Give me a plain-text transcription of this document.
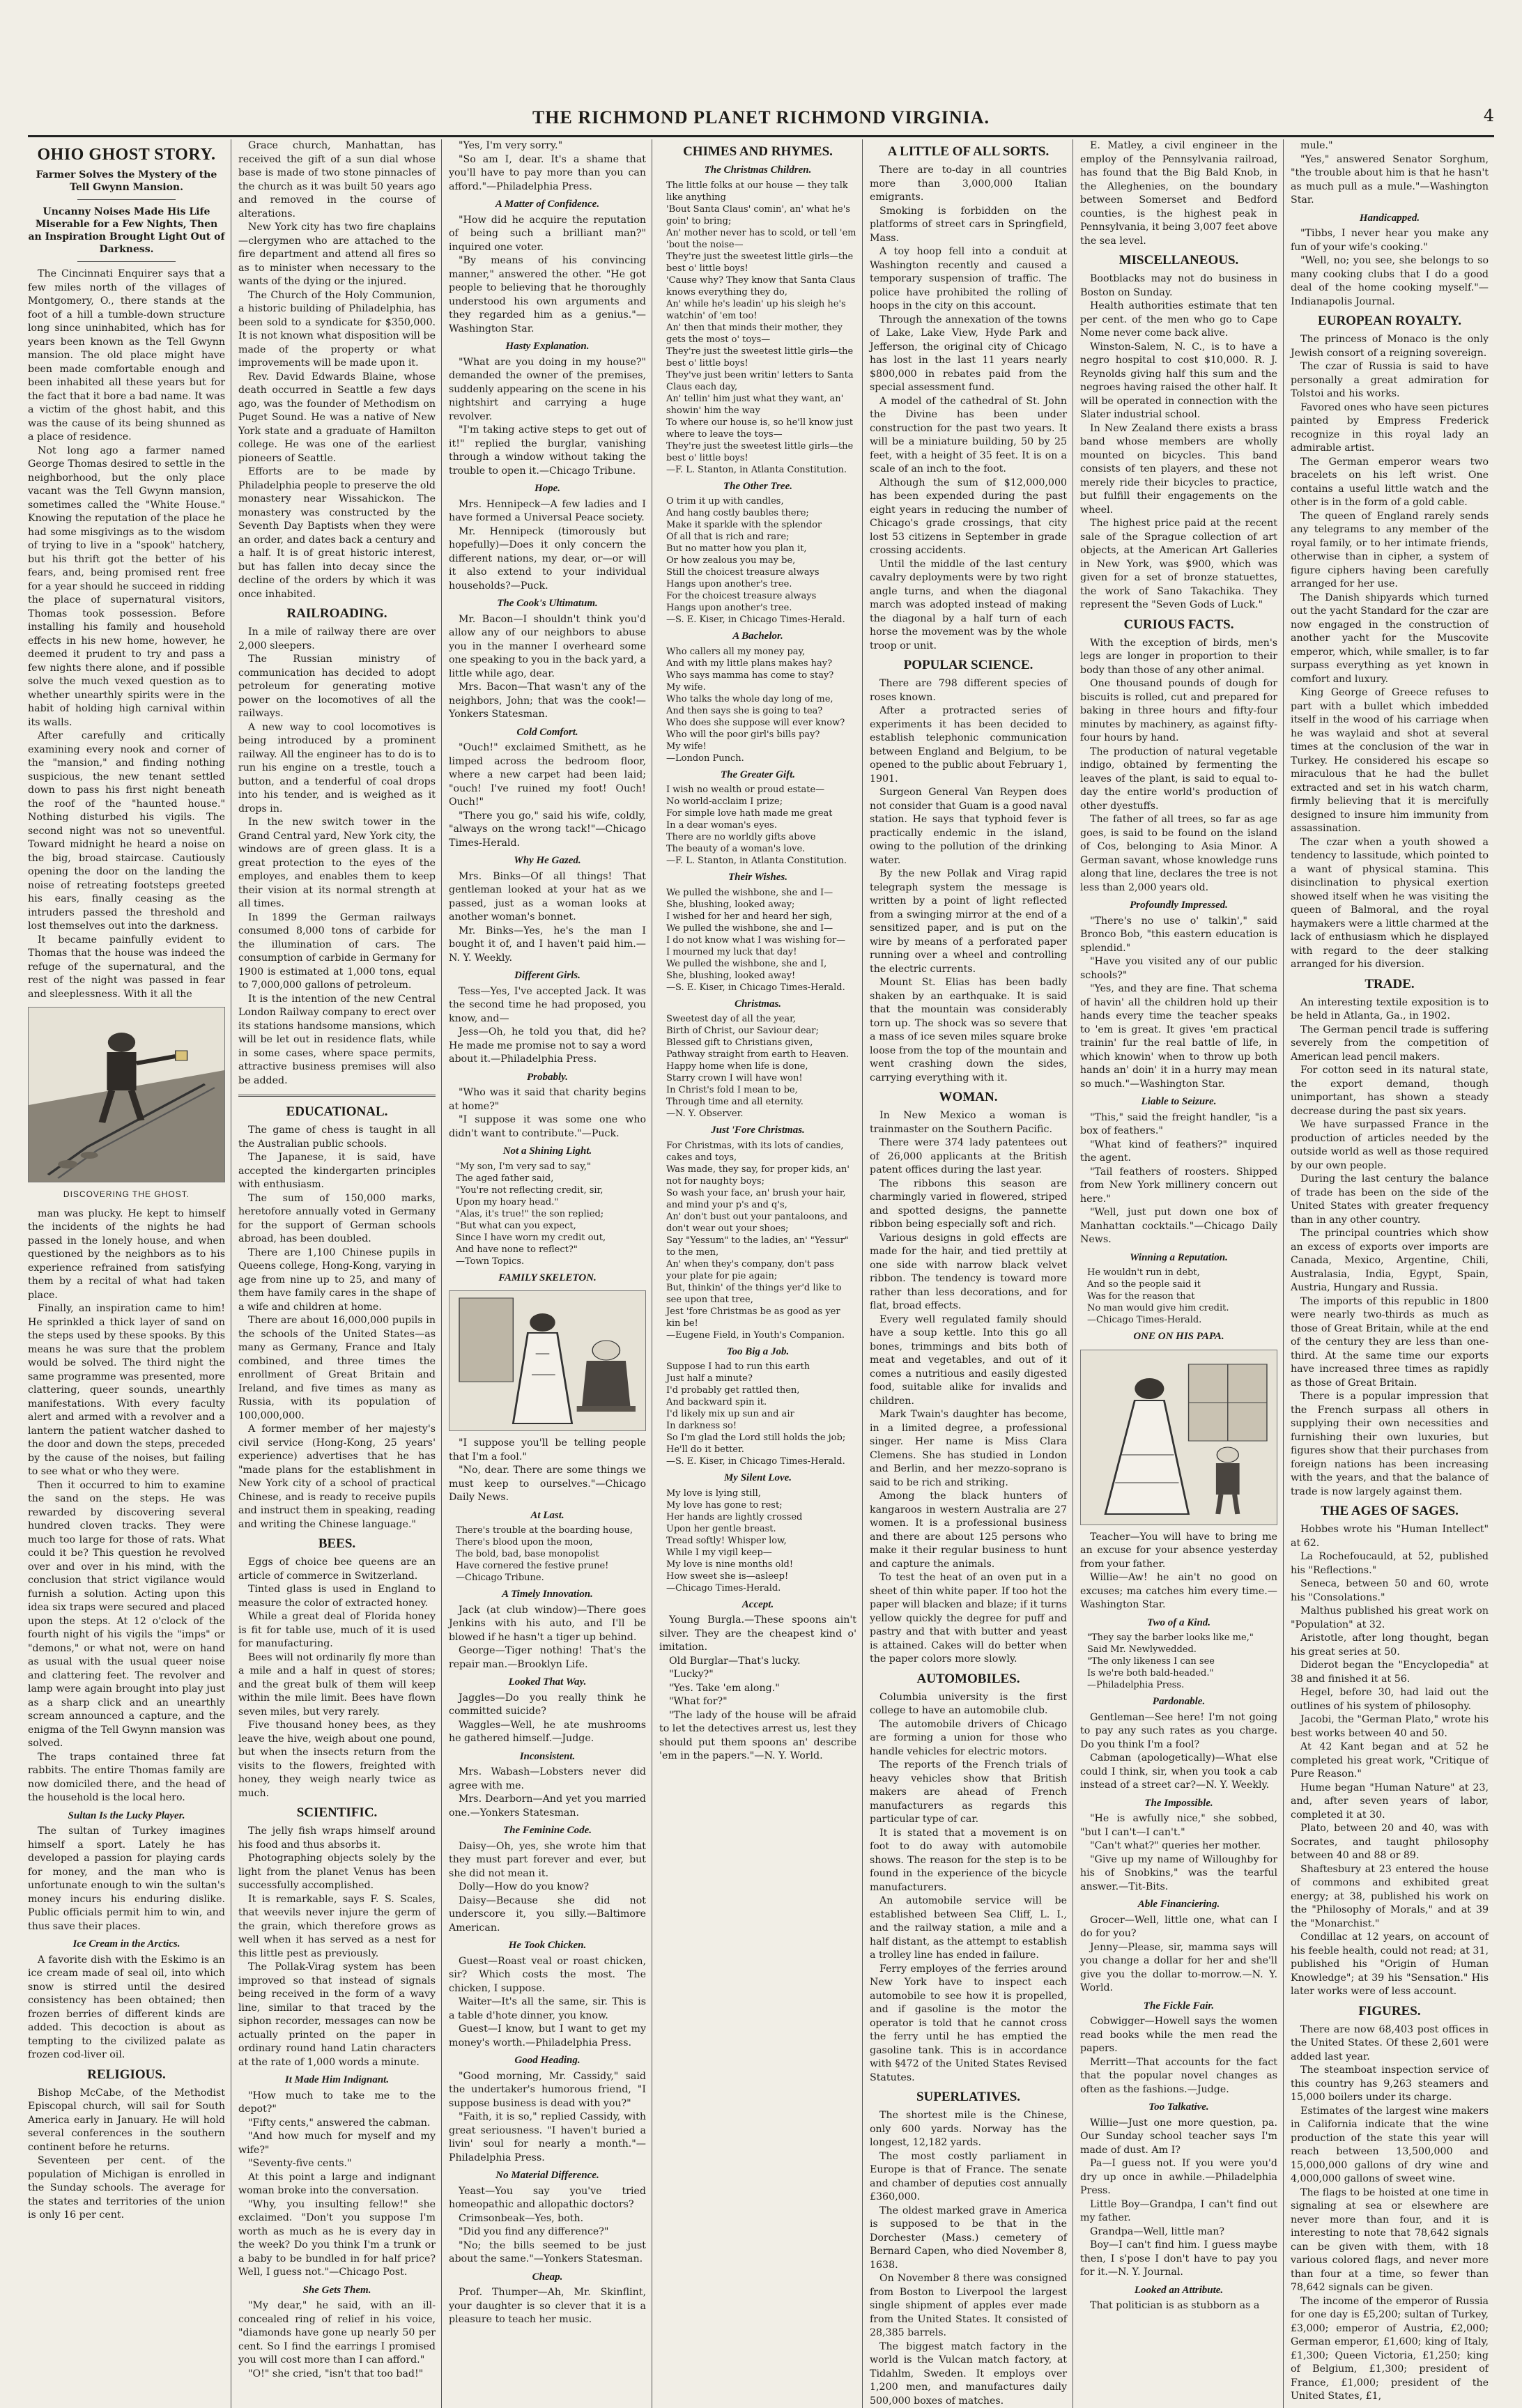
THE RICHMOND PLANET RICHMOND VIRGINIA.	4
OHIO GHOST STORY.
Farmer Solves the Mystery of the Tell Gwynn Mansion.
Uncanny Noises Made His Life Miserable for a Few Nights, Then an Inspiration Brought Light Out of Darkness.

The Cincinnati Enquirer says that a few miles north of the villages of Montgomery, O., there stands at the foot of a hill a tumble-down structure long since uninhabited, which has for years been known as the Tell Gwynn mansion. The old place might have been made comfortable enough and been inhabited all these years but for the fact that it bore a bad name. It was a victim of the ghost habit, and this was the cause of its being shunned as a place of residence.

Not long ago a farmer named George Thomas desired to settle in the neighborhood, but the only place vacant was the Tell Gwynn mansion, sometimes called the "White House." Knowing the reputation of the place he had some misgivings as to the wisdom of trying to live in a "spook" hatchery, but his thrift got the better of his fears, and, being promised rent free for a year should he succeed in ridding the place of supernatural visitors, Thomas took possession. Before installing his family and household effects in his new home, however, he deemed it prudent to try and pass a few nights there alone, and if possible solve the much vexed question as to whether unearthly spirits were in the habit of holding high carnival within its walls.

After carefully and critically examining every nook and corner of the "mansion," and finding nothing suspicious, the new tenant settled down to pass his first night beneath the roof of the "haunted house." Nothing disturbed his vigils. The second night was not so uneventful. Toward midnight he heard a noise on the big, broad staircase. Cautiously opening the door on the landing the noise of retreating footsteps greeted his ears, finally ceasing as the intruders passed the threshold and lost themselves out into the darkness.

It became painfully evident to Thomas that the house was indeed the refuge of the supernatural, and the rest of the night was passed in fear and sleeplessness. With it all the

DISCOVERING THE GHOST.

man was plucky. He kept to himself the incidents of the nights he had passed in the lonely house, and when questioned by the neighbors as to his experience refrained from satisfying them by a recital of what had taken place.

Finally, an inspiration came to him! He sprinkled a thick layer of sand on the steps used by these spooks. By this means he was sure that the problem would be solved. The third night the same programme was presented, more clattering, queer sounds, unearthly manifestations. With every faculty alert and armed with a revolver and a lantern the patient watcher dashed to the door and down the steps, preceded by the cause of the noises, but failing to see what or who they were.

Then it occurred to him to examine the sand on the steps. He was rewarded by discovering several hundred cloven tracks. They were much too large for those of rats. What could it be? This question he revolved over and over in his mind, with the conclusion that strict vigilance would furnish a solution. Acting upon this idea six traps were secured and placed upon the steps. At 12 o'clock of the fourth night of his vigils the "imps" or "demons," or what not, were on hand as usual with the usual queer noise and clattering feet. The revolver and lamp were again brought into play just as a sharp click and an unearthly scream announced a capture, and the enigma of the Tell Gwynn mansion was solved.

The traps contained three fat rabbits. The entire Thomas family are now domiciled there, and the head of the household is the local hero.

Sultan Is the Lucky Player.

The sultan of Turkey imagines himself a sport. Lately he has developed a passion for playing cards for money, and the man who is unfortunate enough to win the sultan's money incurs his enduring dislike. Public officials permit him to win, and thus save their places.

Ice Cream in the Arctics.

A favorite dish with the Eskimo is an ice cream made of seal oil, into which snow is stirred until the desired consistency has been obtained; then frozen berries of different kinds are added. This decoction is about as tempting to the civilized palate as frozen cod-liver oil.

RELIGIOUS.

Bishop McCabe, of the Methodist Episcopal church, will sail for South America early in January. He will hold several conferences in the southern continent before he returns.

Seventeen per cent. of the population of Michigan is enrolled in the Sunday schools. The average for the states and territories of the union is only 16 per cent.

Grace church, Manhattan, has received the gift of a sun dial whose base is made of two stone pinnacles of the church as it was built 50 years ago and removed in the course of alterations.

New York city has two fire chaplains—clergymen who are attached to the fire department and attend all fires so as to minister when necessary to the wants of the dying or the injured.

The Church of the Holy Communion, a historic building of Philadelphia, has been sold to a syndicate for $350,000. It is not known what disposition will be made of the property or what improvements will be made upon it.

Rev. David Edwards Blaine, whose death occurred in Seattle a few days ago, was the founder of Methodism on Puget Sound. He was a native of New York state and a graduate of Hamilton college. He was one of the earliest pioneers of Seattle.

Efforts are to be made by Philadelphia people to preserve the old monastery near Wissahickon. The monastery was constructed by the Seventh Day Baptists when they were an order, and dates back a century and a half. It is of great historic interest, but has fallen into decay since the decline of the orders by which it was once inhabited.

RAILROADING.

In a mile of railway there are over 2,000 sleepers.

The Russian ministry of communication has decided to adopt petroleum for generating motive power on the locomotives of all the railways.

A new way to cool locomotives is being introduced by a prominent railway. All the engineer has to do is to run his engine on a trestle, touch a button, and a tenderful of coal drops into his tender, and is weighed as it drops in.

In the new switch tower in the Grand Central yard, New York city, the windows are of green glass. It is a great protection to the eyes of the employes, and enables them to keep their vision at its normal strength at all times.

In 1899 the German railways consumed 8,000 tons of carbide for the illumination of cars. The consumption of carbide in Germany for 1900 is estimated at 1,000 tons, equal to 7,000,000 gallons of petroleum.

It is the intention of the new Central London Railway company to erect over its stations handsome mansions, which will be let out in residence flats, while in some cases, where space permits, attractive business premises will also be added.

EDUCATIONAL.

The game of chess is taught in all the Australian public schools.

The Japanese, it is said, have accepted the kindergarten principles with enthusiasm.

The sum of 150,000 marks, heretofore annually voted in Germany for the support of German schools abroad, has been doubled.

There are 1,100 Chinese pupils in Queens college, Hong-Kong, varying in age from nine up to 25, and many of them have family cares in the shape of a wife and children at home.

There are about 16,000,000 pupils in the schools of the United States—as many as Germany, France and Italy combined, and three times the enrollment of Great Britain and Ireland, and five times as many as Russia, with its population of 100,000,000.

A former member of her majesty's civil service (Hong-Kong, 25 years' experience) advertises that he has "made plans for the establishment in New York city of a school of practical Chinese, and is ready to receive pupils and instruct them in speaking, reading and writing the Chinese language."

BEES.

Eggs of choice bee queens are an article of commerce in Switzerland.

Tinted glass is used in England to measure the color of extracted honey.

While a great deal of Florida honey is fit for table use, much of it is used for manufacturing.

Bees will not ordinarily fly more than a mile and a half in quest of stores; and the great bulk of them will keep within the mile limit. Bees have flown seven miles, but very rarely.

Five thousand honey bees, as they leave the hive, weigh about one pound, but when the insects return from the visits to the flowers, freighted with honey, they weigh nearly twice as much.

SCIENTIFIC.

The jelly fish wraps himself around his food and thus absorbs it.

Photographing objects solely by the light from the planet Venus has been successfully accomplished.

It is remarkable, says F. S. Scales, that weevils never injure the germ of the grain, which therefore grows as well when it has served as a nest for this little pest as previously.

The Pollak-Virag system has been improved so that instead of signals being received in the form of a wavy line, similar to that traced by the siphon recorder, messages can now be actually printed on the paper in ordinary round hand Latin characters at the rate of 1,000 words a minute.

It Made Him Indignant.

"How much to take me to the depot?"

"Fifty cents," answered the cabman.

"And how much for myself and my wife?"

"Seventy-five cents."

At this point a large and indignant woman broke into the conversation.

"Why, you insulting fellow!" she exclaimed. "Don't you suppose I'm worth as much as he is every day in the week? Do you think I'm a trunk or a baby to be bundled in for half price? Well, I guess not."—Chicago Post.

She Gets Them.

"My dear," he said, with an ill-concealed ring of relief in his voice, "diamonds have gone up nearly 50 per cent. So I find the earrings I promised you will cost more than I can afford."

"O!" she cried, "isn't that too bad!"

"Yes, I'm very sorry."

"So am I, dear. It's a shame that you'll have to pay more than you can afford."—Philadelphia Press.

A Matter of Confidence.

"How did he acquire the reputation of being such a brilliant man?" inquired one voter.

"By means of his convincing manner," answered the other. "He got people to believing that he thoroughly understood his own arguments and they regarded him as a genius."—Washington Star.

Hasty Explanation.

"What are you doing in my house?" demanded the owner of the premises, suddenly appearing on the scene in his nightshirt and carrying a huge revolver.

"I'm taking active steps to get out of it!" replied the burglar, vanishing through a window without taking the trouble to open it.—Chicago Tribune.

Hope.

Mrs. Hennipeck—A few ladies and I have formed a Universal Peace society.

Mr. Hennipeck (timorously but hopefully)—Does it only concern the different nations, my dear, or—or will it also extend to your individual households?—Puck.

The Cook's Ultimatum.

Mr. Bacon—I shouldn't think you'd allow any of our neighbors to abuse you in the manner I overheard some one speaking to you in the back yard, a little while ago, dear.

Mrs. Bacon—That wasn't any of the neighbors, John; that was the cook!—Yonkers Statesman.

Cold Comfort.

"Ouch!" exclaimed Smithett, as he limped across the bedroom floor, where a new carpet had been laid; "ouch! I've ruined my foot! Ouch! Ouch!"

"There you go," said his wife, coldly, "always on the wrong tack!"—Chicago Times-Herald.

Why He Gazed.

Mrs. Binks—Of all things! That gentleman looked at your hat as we passed, just as a woman looks at another woman's bonnet.

Mr. Binks—Yes, he's the man I bought it of, and I haven't paid him.—N. Y. Weekly.

Different Girls.

Tess—Yes, I've accepted Jack. It was the second time he had proposed, you know, and—

Jess—Oh, he told you that, did he? He made me promise not to say a word about it.—Philadelphia Press.

Probably.

"Who was it said that charity begins at home?"

"I suppose it was some one who didn't want to contribute."—Puck.

Not a Shining Light.
"My son, I'm very sad to say,"
The aged father said,
"You're not reflecting credit, sir,
Upon my hoary head."
"Alas, it's true!" the son replied;
"But what can you expect,
Since I have worn my credit out,
And have none to reflect?"
—Town Topics.
FAMILY SKELETON.

"I suppose you'll be telling people that I'm a fool."

"No, dear. There are some things we must keep to ourselves."—Chicago Daily News.

At Last.
There's trouble at the boarding house,
There's blood upon the moon,
The bold, bad, base monopolist
Have cornered the festive prune!
—Chicago Tribune.
A Timely Innovation.

Jack (at club window)—There goes Jenkins with his auto, and I'll be blowed if he hasn't a tiger up behind.

George—Tiger nothing! That's the repair man.—Brooklyn Life.

Looked That Way.

Jaggles—Do you really think he committed suicide?

Waggles—Well, he ate mushrooms he gathered himself.—Judge.

Inconsistent.

Mrs. Wabash—Lobsters never did agree with me.

Mrs. Dearborn—And yet you married one.—Yonkers Statesman.

The Feminine Code.

Daisy—Oh, yes, she wrote him that they must part forever and ever, but she did not mean it.

Dolly—How do you know?

Daisy—Because she did not underscore it, you silly.—Baltimore American.

He Took Chicken.

Guest—Roast veal or roast chicken, sir? Which costs the most. The chicken, I suppose.

Waiter—It's all the same, sir. This is a table d'hote dinner, you know.

Guest—I know, but I want to get my money's worth.—Philadelphia Press.

Good Heading.

"Good morning, Mr. Cassidy," said the undertaker's humorous friend, "I suppose business is dead with you?"

"Faith, it is so," replied Cassidy, with great seriousness. "I haven't buried a livin' soul for nearly a month."—Philadelphia Press.

No Material Difference.

Yeast—You say you've tried homeopathic and allopathic doctors?

Crimsonbeak—Yes, both.

"Did you find any difference?"

"No; the bills seemed to be just about the same."—Yonkers Statesman.

Cheap.

Prof. Thumper—Ah, Mr. Skinflint, your daughter is so clever that it is a pleasure to teach her music.

CHIMES AND RHYMES.
The Christmas Children.
The little folks at our house — they talk like anything
'Bout Santa Claus' comin', an' what he's goin' to bring;
An' mother never has to scold, or tell 'em 'bout the noise—
They're just the sweetest little girls—the best o' little boys!
'Cause why? They know that Santa Claus knows everything they do,
An' while he's leadin' up his sleigh he's watchin' of 'em too!
An' then that minds their mother, they gets the most o' toys—
They're just the sweetest little girls—the best o' little boys!
They've just been writin' letters to Santa Claus each day,
An' tellin' him just what they want, an' showin' him the way
To where our house is, so he'll know just where to leave the toys—
They're just the sweetest little girls—the best o' little boys!
—F. L. Stanton, in Atlanta Constitution.
The Other Tree.
O trim it up with candles,
And hang costly baubles there;
Make it sparkle with the splendor
Of all that is rich and rare;
But no matter how you plan it,
Or how zealous you may be,
Still the choicest treasure always
Hangs upon another's tree.
For the choicest treasure always
Hangs upon another's tree.
—S. E. Kiser, in Chicago Times-Herald.
A Bachelor.
Who callers all my money pay,
And with my little plans makes hay?
Who says mamma has come to stay?
My wife.
Who talks the whole day long of me,
And then says she is going to tea?
Who does she suppose will ever know?
Who will the poor girl's bills pay?
My wife!
—London Punch.
The Greater Gift.
I wish no wealth or proud estate—
No world-acclaim I prize;
For simple love hath made me great
In a dear woman's eyes.
There are no worldly gifts above
The beauty of a woman's love.
—F. L. Stanton, in Atlanta Constitution.
Their Wishes.
We pulled the wishbone, she and I—
She, blushing, looked away;
I wished for her and heard her sigh,
We pulled the wishbone, she and I—
I do not know what I was wishing for—
I mourned my luck that day!
We pulled the wishbone, she and I,
She, blushing, looked away!
—S. E. Kiser, in Chicago Times-Herald.
Christmas.
Sweetest day of all the year,
Birth of Christ, our Saviour dear;
Blessed gift to Christians given,
Pathway straight from earth to Heaven.
Happy home when life is done,
Starry crown I will have won!
In Christ's fold I mean to be,
Through time and all eternity.
—N. Y. Observer.
Just 'Fore Christmas.
For Christmas, with its lots of candies, cakes and toys,
Was made, they say, for proper kids, an' not for naughty boys;
So wash your face, an' brush your hair, and mind your p's and q's,
An' don't bust out your pantaloons, and don't wear out your shoes;
Say "Yessum" to the ladies, an' "Yessur" to the men,
An' when they's company, don't pass your plate for pie again;
But, thinkin' of the things yer'd like to see upon that tree,
Jest 'fore Christmas be as good as yer kin be!
—Eugene Field, in Youth's Companion.
Too Big a Job.
Suppose I had to run this earth
Just half a minute?
I'd probably get rattled then,
And backward spin it.
I'd likely mix up sun and air
In darkness so!
So I'm glad the Lord still holds the job;
He'll do it better.
—S. E. Kiser, in Chicago Times-Herald.
My Silent Love.
My love is lying still,
My love has gone to rest;
Her hands are lightly crossed
Upon her gentle breast.
Tread softly! Whisper low,
While I my vigil keep—
My love is nine months old!
How sweet she is—asleep!
—Chicago Times-Herald.
Accept.

Young Burgla.—These spoons ain't silver. They are the cheapest kind o' imitation.

Old Burglar—That's lucky.

"Lucky?"

"Yes. Take 'em along."

"What for?"

"The lady of the house will be afraid to let the detectives arrest us, lest they should put them spoons an' describe 'em in the papers."—N. Y. World.

A LITTLE OF ALL SORTS.

There are to-day in all countries more than 3,000,000 Italian emigrants.

Smoking is forbidden on the platforms of street cars in Springfield, Mass.

A toy hoop fell into a conduit at Washington recently and caused a temporary suspension of traffic. The police have prohibited the rolling of hoops in the city on this account.

Through the annexation of the towns of Lake, Lake View, Hyde Park and Jefferson, the original city of Chicago has lost in the last 11 years nearly $800,000 in rebates paid from the special assessment fund.

A model of the cathedral of St. John the Divine has been under construction for the past two years. It will be a miniature building, 50 by 25 feet, with a height of 35 feet. It is on a scale of an inch to the foot.

Although the sum of $12,000,000 has been expended during the past eight years in reducing the number of Chicago's grade crossings, that city lost 53 citizens in September in grade crossing accidents.

Until the middle of the last century cavalry deployments were by two right angle turns, and when the diagonal march was adopted instead of making the diagonal by a half turn of each horse the movement was by the whole troop or unit.

POPULAR SCIENCE.

There are 798 different species of roses known.

After a protracted series of experiments it has been decided to establish telephonic communication between England and Belgium, to be opened to the public about February 1, 1901.

Surgeon General Van Reypen does not consider that Guam is a good naval station. He says that typhoid fever is practically endemic in the island, owing to the pollution of the drinking water.

By the new Pollak and Virag rapid telegraph system the message is written by a point of light reflected from a swinging mirror at the end of a sensitized paper, and is put on the wire by means of a perforated paper running over a wheel and controlling the electric currents.

Mount St. Elias has been badly shaken by an earthquake. It is said that the mountain was considerably torn up. The shock was so severe that a mass of ice seven miles square broke loose from the top of the mountain and went crashing down the sides, carrying everything with it.

WOMAN.

In New Mexico a woman is trainmaster on the Southern Pacific.

There were 374 lady patentees out of 26,000 applicants at the British patent offices during the last year.

The ribbons this season are charmingly varied in flowered, striped and spotted designs, the pannette ribbon being especially soft and rich.

Various designs in gold effects are made for the hair, and tied prettily at one side with narrow black velvet ribbon. The tendency is toward more rather than less decorations, and for flat, broad effects.

Every well regulated family should have a soup kettle. Into this go all bones, trimmings and bits both of meat and vegetables, and out of it comes a nutritious and easily digested food, suitable alike for invalids and children.

Mark Twain's daughter has become, in a limited degree, a professional singer. Her name is Miss Clara Clemens. She has studied in London and Berlin, and her mezzo-soprano is said to be rich and striking.

Among the black hunters of kangaroos in western Australia are 27 women. It is a professional business and there are about 125 persons who make it their regular business to hunt and capture the animals.

To test the heat of an oven put in a sheet of thin white paper. If too hot the paper will blacken and blaze; if it turns yellow quickly the degree for puff and pastry and that with butter and yeast is attained. Cakes will do better when the paper colors more slowly.

AUTOMOBILES.

Columbia university is the first college to have an automobile club.

The automobile drivers of Chicago are forming a union for those who handle vehicles for electric motors.

The reports of the French trials of heavy vehicles show that British makers are ahead of French manufacturers as regards this particular type of car.

It is stated that a movement is on foot to do away with automobile shows. The reason for the step is to be found in the experience of the bicycle manufacturers.

An automobile service will be established between Sea Cliff, L. I., and the railway station, a mile and a half distant, as the attempt to establish a trolley line has ended in failure.

Ferry employes of the ferries around New York have to inspect each automobile to see how it is propelled, and if gasoline is the motor the operator is told that he cannot cross the ferry until he has emptied the gasoline tank. This is in accordance with §472 of the United States Revised Statutes.

SUPERLATIVES.

The shortest mile is the Chinese, only 600 yards. Norway has the longest, 12,182 yards.

The most costly parliament in Europe is that of France. The senate and chamber of deputies cost annually £360,000.

The oldest marked grave in America is supposed to be that in the Dorchester (Mass.) cemetery of Bernard Capen, who died November 8, 1638.

On November 8 there was consigned from Boston to Liverpool the largest single shipment of apples ever made from the United States. It consisted of 28,385 barrels.

The biggest match factory in the world is the Vulcan match factory, at Tidahlm, Sweden. It employs over 1,200 men, and manufactures daily 500,000 boxes of matches.

E. Matley, a civil engineer in the employ of the Pennsylvania railroad, has found that the Big Bald Knob, in the Alleghenies, on the boundary between Somerset and Bedford counties, is the highest peak in Pennsylvania, it being 3,007 feet above the sea level.

MISCELLANEOUS.

Bootblacks may not do business in Boston on Sunday.

Health authorities estimate that ten per cent. of the men who go to Cape Nome never come back alive.

Winston-Salem, N. C., is to have a negro hospital to cost $10,000. R. J. Reynolds giving half this sum and the negroes having raised the other half. It will be operated in connection with the Slater industrial school.

In New Zealand there exists a brass band whose members are wholly mounted on bicycles. This band consists of ten players, and these not merely ride their bicycles to practice, but fulfill their engagements on the wheel.

The highest price paid at the recent sale of the Sprague collection of art objects, at the American Art Galleries in New York, was $900, which was given for a set of bronze statuettes, the work of Sano Takachika. They represent the "Seven Gods of Luck."

CURIOUS FACTS.

With the exception of birds, men's legs are longer in proportion to their body than those of any other animal.

One thousand pounds of dough for biscuits is rolled, cut and prepared for baking in three hours and fifty-four minutes by machinery, as against fifty-four hours by hand.

The production of natural vegetable indigo, obtained by fermenting the leaves of the plant, is said to equal to-day the entire world's production of other dyestuffs.

The father of all trees, so far as age goes, is said to be found on the island of Cos, belonging to Asia Minor. A German savant, whose knowledge runs along that line, declares the tree is not less than 2,000 years old.

Profoundly Impressed.

"There's no use o' talkin'," said Bronco Bob, "this eastern education is splendid."

"Have you visited any of our public schools?"

"Yes, and they are fine. That schema of havin' all the children hold up their hands every time the teacher speaks to 'em is great. It gives 'em practical trainin' fur the real battle of life, in which knowin' when to throw up both hands an' doin' it in a hurry may mean so much."—Washington Star.

Liable to Seizure.

"This," said the freight handler, "is a box of feathers."

"What kind of feathers?" inquired the agent.

"Tail feathers of roosters. Shipped from New York millinery concern out here."

"Well, just put down one box of Manhattan cocktails."—Chicago Daily News.

Winning a Reputation.
He wouldn't run in debt,
And so the people said it
Was for the reason that
No man would give him credit.
—Chicago Times-Herald.
ONE ON HIS PAPA.

Teacher—You will have to bring me an excuse for your absence yesterday from your father.

Willie—Aw! he ain't no good on excuses; ma catches him every time.—Washington Star.

Two of a Kind.
"They say the barber looks like me,"
Said Mr. Newlywedded.
"The only likeness I can see
Is we're both bald-headed."
—Philadelphia Press.
Pardonable.

Gentleman—See here! I'm not going to pay any such rates as you charge. Do you think I'm a fool?

Cabman (apologetically)—What else could I think, sir, when you took a cab instead of a street car?—N. Y. Weekly.

The Impossible.

"He is awfully nice," she sobbed, "but I can't—I can't."

"Can't what?" queries her mother.

"Give up my name of Willoughby for his of Snobkins," was the tearful answer.—Tit-Bits.

Able Financiering.

Grocer—Well, little one, what can I do for you?

Jenny—Please, sir, mamma says will you change a dollar for her and she'll give you the dollar to-morrow.—N. Y. World.

The Fickle Fair.

Cobwigger—Howell says the women read books while the men read the papers.

Merritt—That accounts for the fact that the popular novel changes as often as the fashions.—Judge.

Too Talkative.

Willie—Just one more question, pa. Our Sunday school teacher says I'm made of dust. Am I?

Pa—I guess not. If you were you'd dry up once in awhile.—Philadelphia Press.

Little Boy—Grandpa, I can't find out my father.

Grandpa—Well, little man?

Boy—I can't find him. I guess maybe then, I s'pose I don't have to pay you for it.—N. Y. Journal.

Looked an Attribute.

That politician is as stubborn as a

mule."

"Yes," answered Senator Sorghum, "the trouble about him is that he hasn't as much pull as a mule."—Washington Star.

Handicapped.

"Tibbs, I never hear you make any fun of your wife's cooking."

"Well, no; you see, she belongs to so many cooking clubs that I do a good deal of the home cooking myself."—Indianapolis Journal.

EUROPEAN ROYALTY.

The princess of Monaco is the only Jewish consort of a reigning sovereign.

The czar of Russia is said to have personally a great admiration for Tolstoi and his works.

Favored ones who have seen pictures painted by Empress Frederick recognize in this royal lady an admirable artist.

The German emperor wears two bracelets on his left wrist. One contains a useful little watch and the other is in the form of a gold cable.

The queen of England rarely sends any telegrams to any member of the royal family, or to her intimate friends, otherwise than in cipher, a system of figure ciphers having been carefully arranged for her use.

The Danish shipyards which turned out the yacht Standard for the czar are now engaged in the construction of another yacht for the Muscovite emperor, which, while smaller, is to far surpass everything as yet known in comfort and luxury.

King George of Greece refuses to part with a bullet which imbedded itself in the wood of his carriage when he was waylaid and shot at several times at the conclusion of the war in Turkey. He considered his escape so miraculous that he had the bullet extracted and set in his watch charm, firmly believing that it is mercifully designed to insure him immunity from assassination.

The czar when a youth showed a tendency to lassitude, which pointed to a want of physical stamina. This disinclination to physical exertion showed itself when he was visiting the queen of Balmoral, and the royal haymakers were a little charmed at the lack of enthusiasm which he displayed with regard to the deer stalking arranged for his diversion.

TRADE.

An interesting textile exposition is to be held in Atlanta, Ga., in 1902.

The German pencil trade is suffering severely from the competition of American lead pencil makers.

For cotton seed in its natural state, the export demand, though unimportant, has shown a steady decrease during the past six years.

We have surpassed France in the production of articles needed by the outside world as well as those required by our own people.

During the last century the balance of trade has been on the side of the United States with greater frequency than in any other country.

The principal countries which show an excess of exports over imports are Canada, Mexico, Argentine, Chili, Australasia, India, Egypt, Spain, Austria, Hungary and Russia.

The imports of this republic in 1800 were nearly two-thirds as much as those of Great Britain, while at the end of the century they are less than one-third. At the same time our exports have increased three times as rapidly as those of Great Britain.

There is a popular impression that the French surpass all others in supplying their own necessities and furnishing their own luxuries, but figures show that their purchases from foreign nations has been increasing with the years, and that the balance of trade is now largely against them.

THE AGES OF SAGES.

Hobbes wrote his "Human Intellect" at 62.

La Rochefoucauld, at 52, published his "Reflections."

Seneca, between 50 and 60, wrote his "Consolations."

Malthus published his great work on "Population" at 32.

Aristotle, after long thought, began his great series at 50.

Diderot began the "Encyclopedia" at 38 and finished it at 56.

Hegel, before 30, had laid out the outlines of his system of philosophy.

Jacobi, the "German Plato," wrote his best works between 40 and 50.

At 42 Kant began and at 52 he completed his great work, "Critique of Pure Reason."

Hume began "Human Nature" at 23, and, after seven years of labor, completed it at 30.

Plato, between 20 and 40, was with Socrates, and taught philosophy between 40 and 88 or 89.

Shaftesbury at 23 entered the house of commons and exhibited great energy; at 38, published his work on the "Philosophy of Morals," and at 39 the "Monarchist."

Condillac at 12 years, on account of his feeble health, could not read; at 31, published his "Origin of Human Knowledge"; at 39 his "Sensation." His later works were of less account.

FIGURES.

There are now 68,403 post offices in the United States. Of these 2,601 were added last year.

The steamboat inspection service of this country has 9,263 steamers and 15,000 boilers under its charge.

Estimates of the largest wine makers in California indicate that the wine production of the state this year will reach between 13,500,000 and 15,000,000 gallons of dry wine and 4,000,000 gallons of sweet wine.

The flags to be hoisted at one time in signaling at sea or elsewhere are never more than four, and it is interesting to note that 78,642 signals can be given with them, with 18 various colored flags, and never more than four at a time, so fewer than 78,642 signals can be given.

The income of the emperor of Russia for one day is £5,200; sultan of Turkey, £3,000; emperor of Austria, £2,000; German emperor, £1,600; king of Italy, £1,300; Queen Victoria, £1,250; king of Belgium, £1,300; president of France, £1,000; president of the United States, £1,
